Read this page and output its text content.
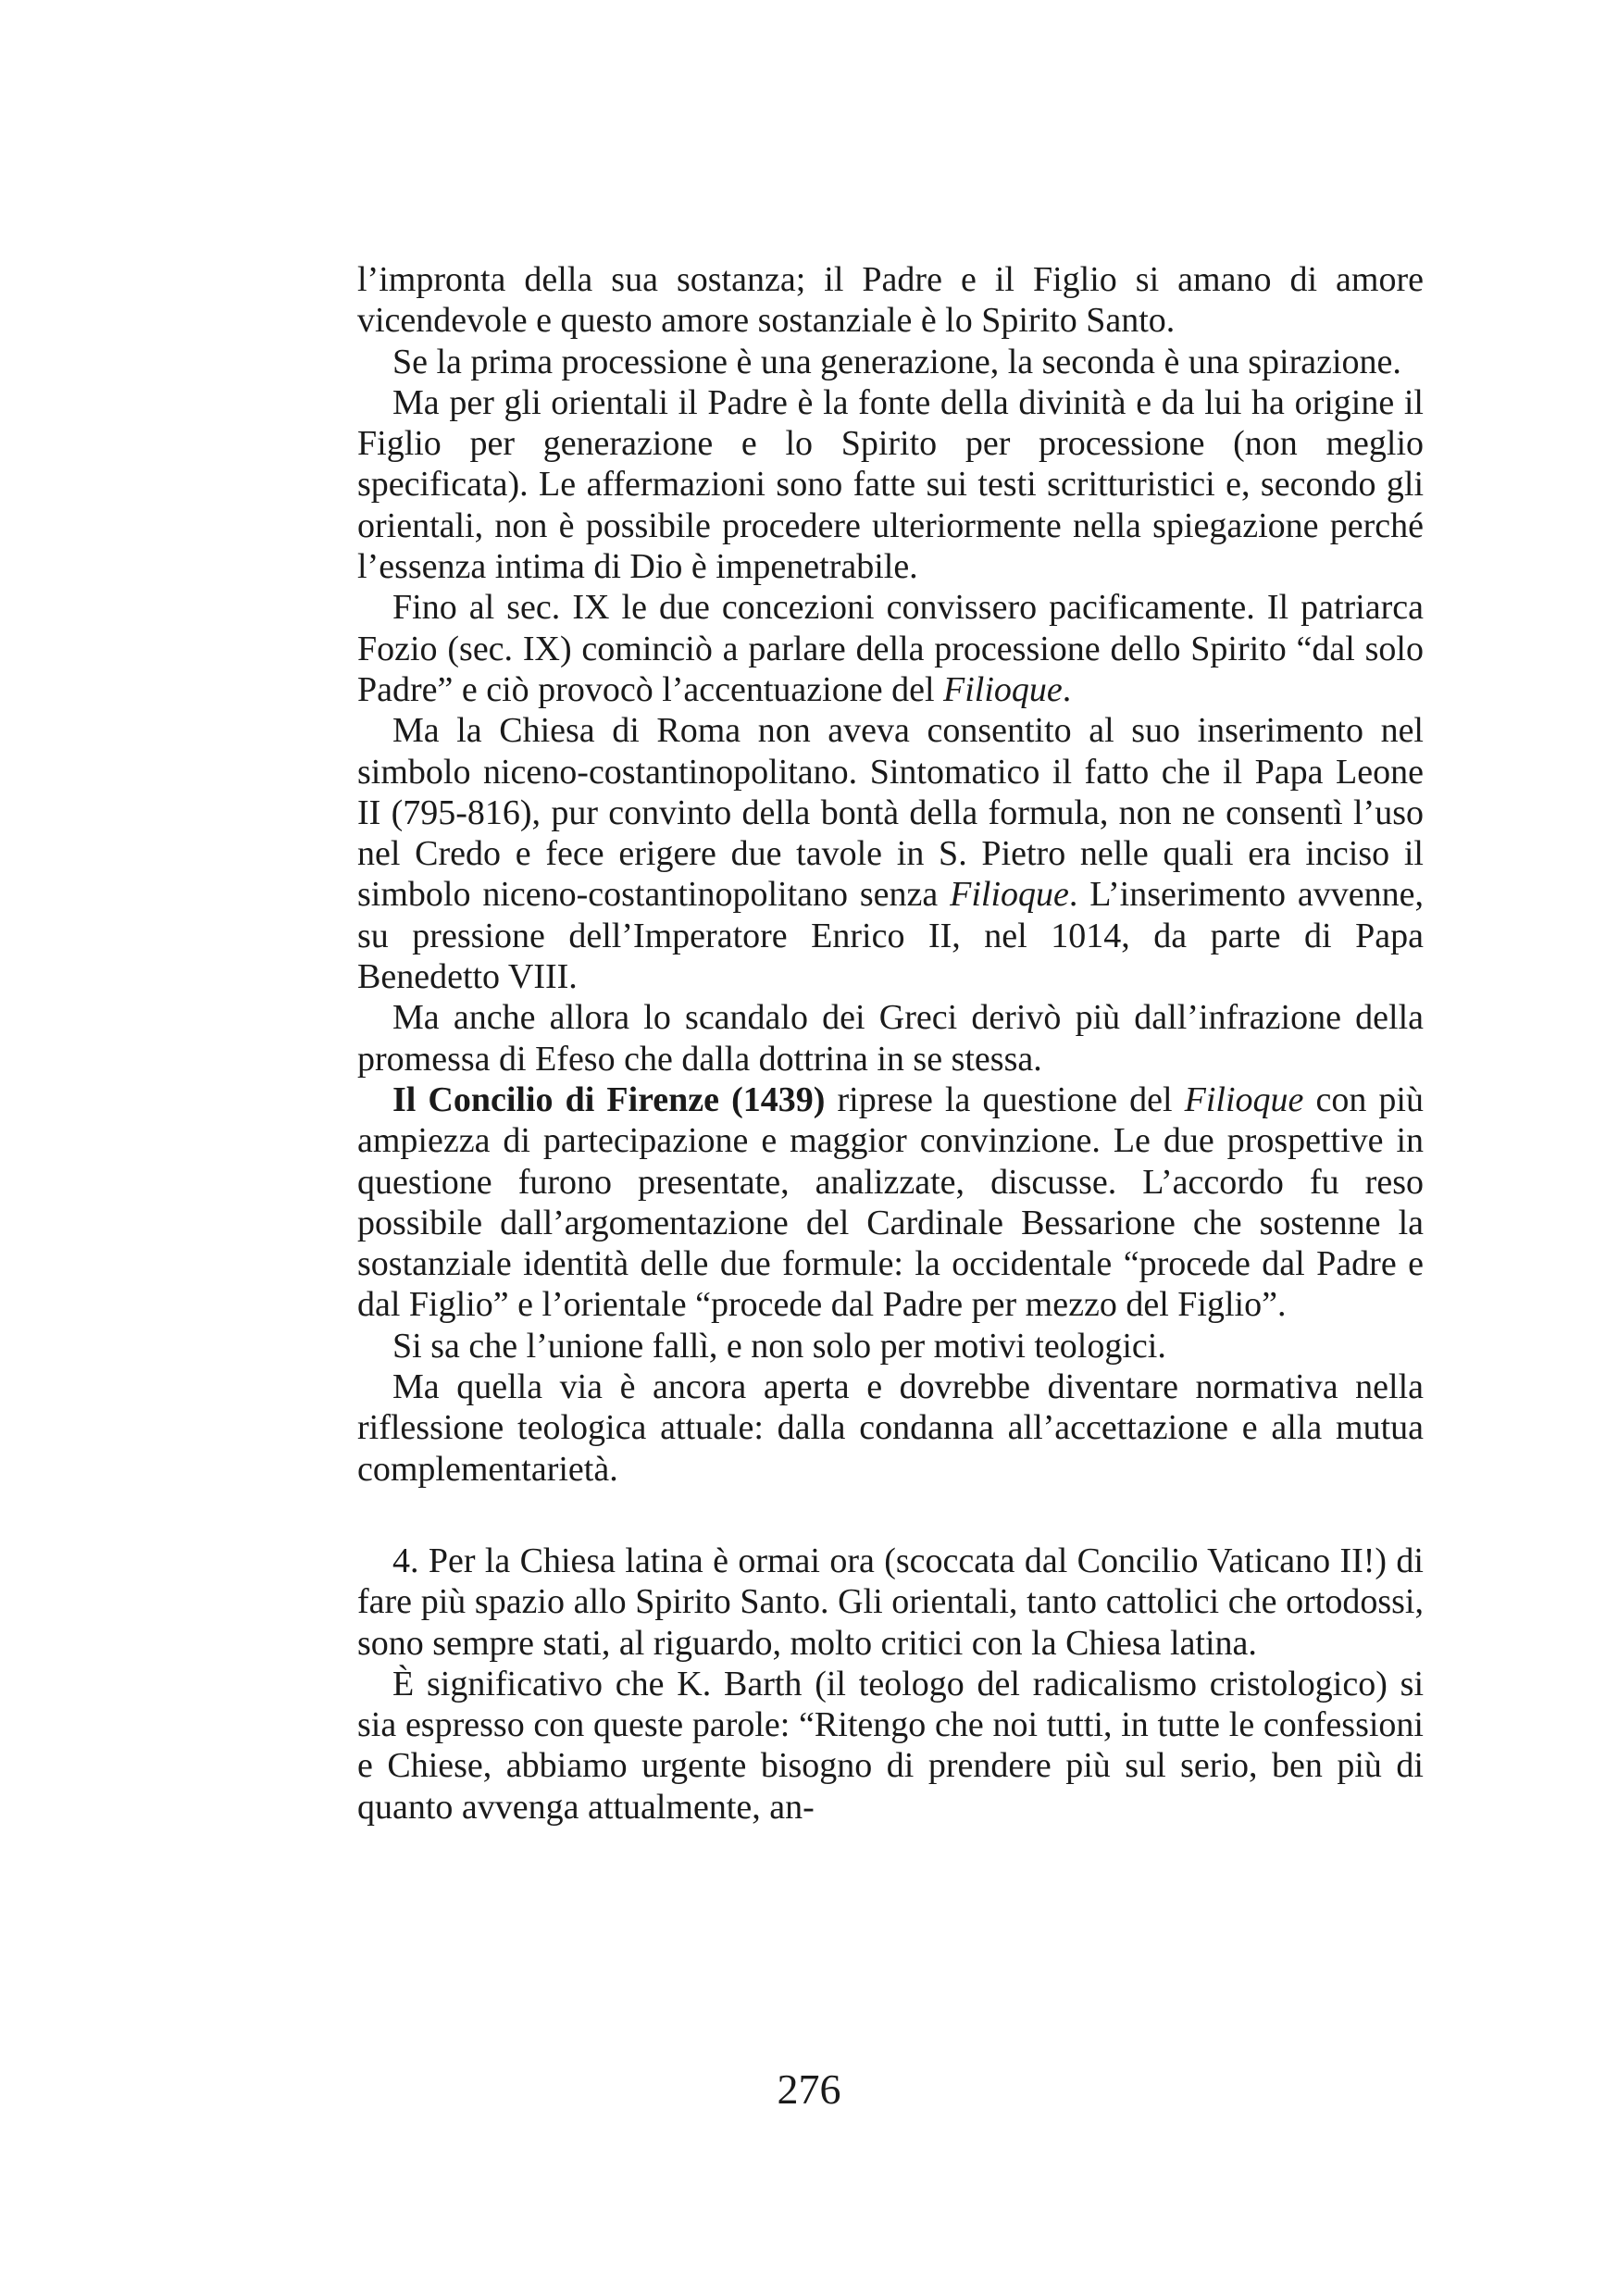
l’impronta della sua sostanza; il Padre e il Figlio si amano di amore vicendevole e questo amore sostanziale è lo Spirito Santo.

Se la prima processione è una generazione, la seconda è una spirazione.

Ma per gli orientali il Padre è la fonte della divinità e da lui ha origine il Figlio per generazione e lo Spirito per processione (non meglio specificata). Le affermazioni sono fatte sui testi scritturistici e, secondo gli orientali, non è possibile procedere ulteriormente nella spiegazione perché l’essenza intima di Dio è impenetrabile.

Fino al sec. IX le due concezioni convissero pacificamente. Il patriarca Fozio (sec. IX) cominciò a parlare della processione dello Spirito “dal solo Padre” e ciò provocò l’accentuazione del Filioque.

Ma la Chiesa di Roma non aveva consentito al suo inserimento nel simbolo niceno-costantinopolitano. Sintomatico il fatto che il Papa Leone II (795-816), pur convinto della bontà della formula, non ne consentì l’uso nel Credo e fece erigere due tavole in S. Pietro nelle quali era inciso il simbolo niceno-costantinopolitano senza Filioque. L’inserimento avvenne, su pressione dell’Imperatore Enrico II, nel 1014, da parte di Papa Benedetto VIII.

Ma anche allora lo scandalo dei Greci derivò più dall’infrazione della promessa di Efeso che dalla dottrina in se stessa.

Il Concilio di Firenze (1439) riprese la questione del Filioque con più ampiezza di partecipazione e maggior convinzione. Le due prospettive in questione furono presentate, analizzate, discusse. L’accordo fu reso possibile dall’argomentazione del Cardinale Bessarione che sostenne la sostanziale identità delle due formule: la occidentale “procede dal Padre e dal Figlio” e l’orientale “procede dal Padre per mezzo del Figlio”.

Si sa che l’unione fallì, e non solo per motivi teologici.

Ma quella via è ancora aperta e dovrebbe diventare normativa nella riflessione teologica attuale: dalla condanna all’accettazione e alla mutua complementarietà.

4. Per la Chiesa latina è ormai ora (scoccata dal Concilio Vaticano II!) di fare più spazio allo Spirito Santo. Gli orientali, tanto cattolici che ortodossi, sono sempre stati, al riguardo, molto critici con la Chiesa latina.

È significativo che K. Barth (il teologo del radicalismo cristologico) si sia espresso con queste parole: “Ritengo che noi tutti, in tutte le confessioni e Chiese, abbiamo urgente bisogno di prendere più sul serio, ben più di quanto avvenga attualmente, an-

276
